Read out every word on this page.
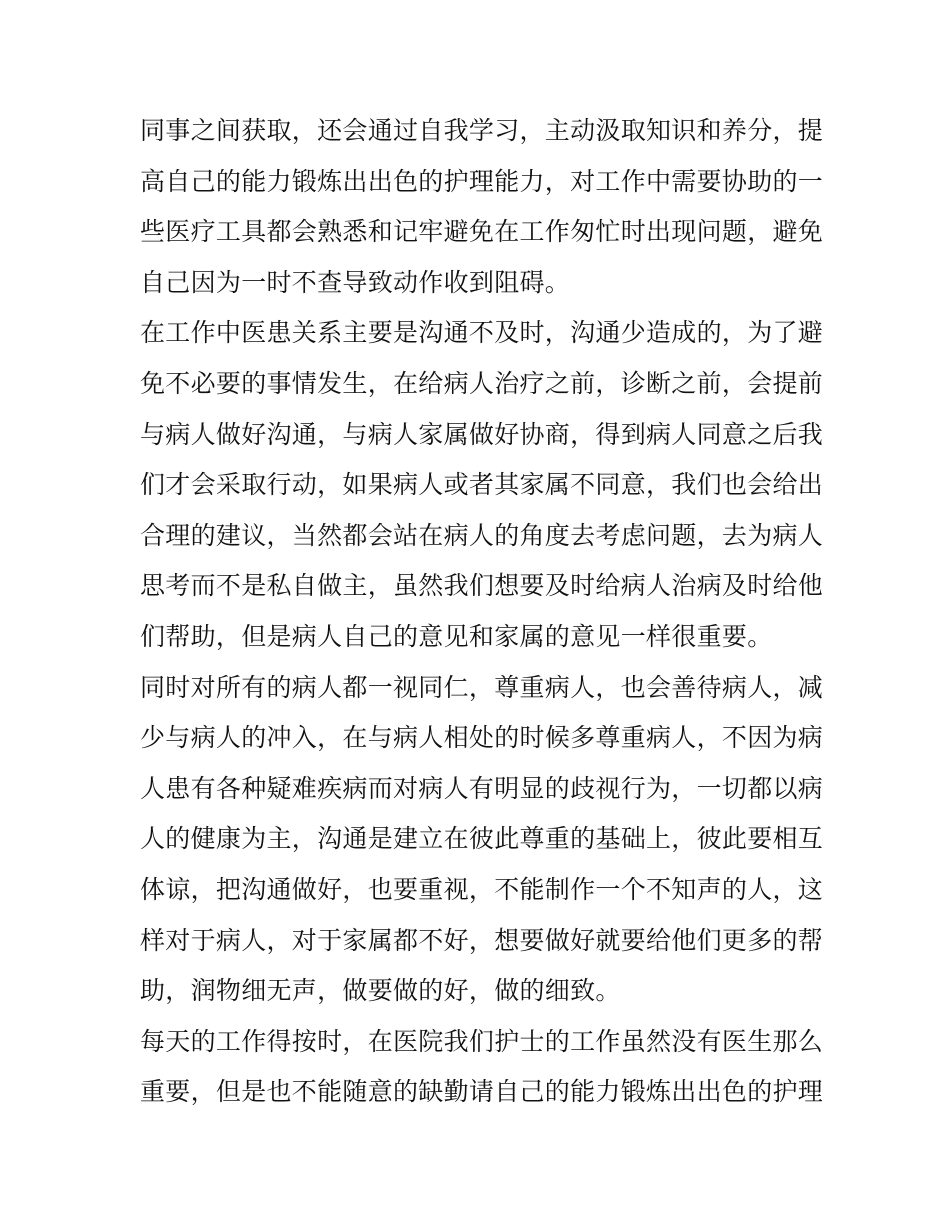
同事之间获取，还会通过自我学习，主动汲取知识和养分，提
高自己的能力锻炼出出色的护理能力，对工作中需要协助的一
些医疗工具都会熟悉和记牢避免在工作匆忙时出现问题，避免
自己因为一时不查导致动作收到阻碍。

在工作中医患关系主要是沟通不及时，沟通少造成的，为了避
免不必要的事情发生，在给病人治疗之前，诊断之前，会提前
与病人做好沟通，与病人家属做好协商，得到病人同意之后我
们才会采取行动，如果病人或者其家属不同意，我们也会给出
合理的建议，当然都会站在病人的角度去考虑问题，去为病人
思考而不是私自做主，虽然我们想要及时给病人治病及时给他
们帮助，但是病人自己的意见和家属的意见一样很重要。

同时对所有的病人都一视同仁，尊重病人，也会善待病人，减
少与病人的冲入，在与病人相处的时候多尊重病人，不因为病
人患有各种疑难疾病而对病人有明显的歧视行为，一切都以病
人的健康为主，沟通是建立在彼此尊重的基础上，彼此要相互
体谅，把沟通做好，也要重视，不能制作一个不知声的人，这
样对于病人，对于家属都不好，想要做好就要给他们更多的帮
助，润物细无声，做要做的好，做的细致。

每天的工作得按时，在医院我们护士的工作虽然没有医生那么
重要，但是也不能随意的缺勤请自己的能力锻炼出出色的护理
